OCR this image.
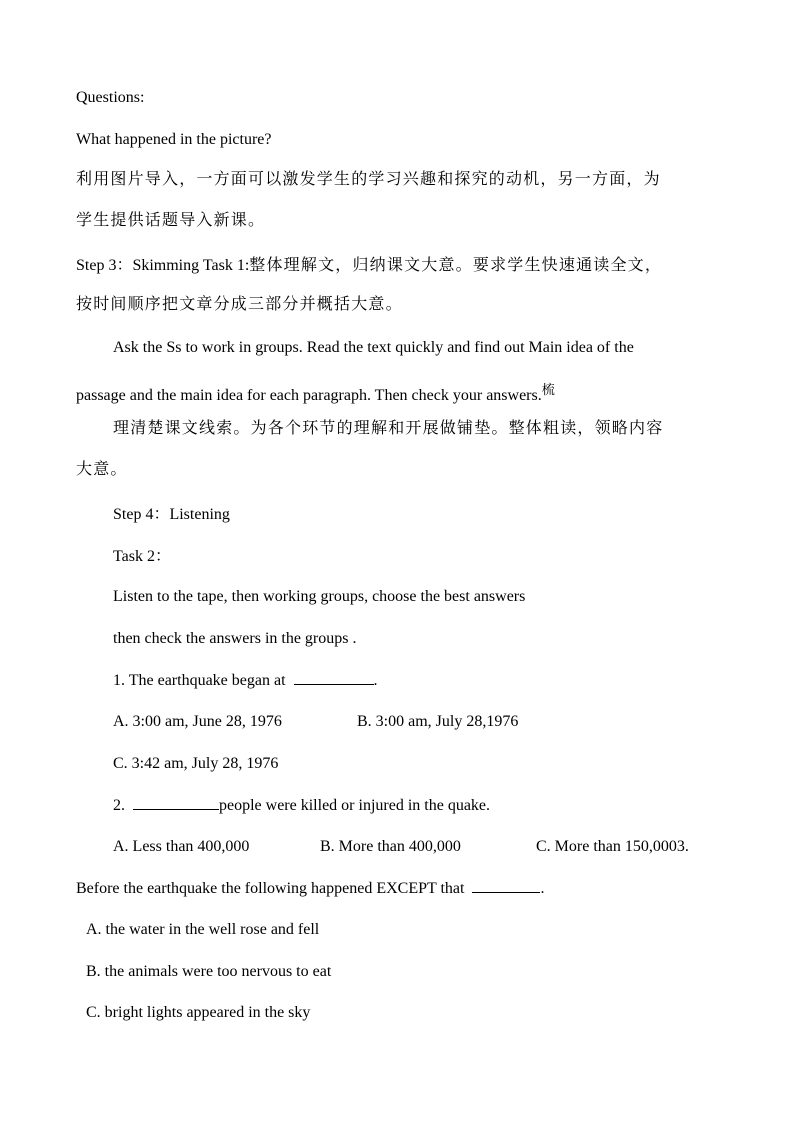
Questions:
What happened in the picture?
利用图片导入，一方面可以激发学生的学习兴趣和探究的动机，另一方面，为
学生提供话题导入新课。
Step 3：Skimming Task 1:整体理解文，归纳课文大意。要求学生快速通读全文，
按时间顺序把文章分成三部分并概括大意。
Ask the Ss to work in groups. Read the text quickly and find out Main idea of the
passage and the main idea for each paragraph. Then check your answers.$^梳$
理清楚课文线索。为各个环节的理解和开展做铺垫。整体粗读，领略内容
大意。
Step 4：Listening
Task 2：
Listen to the tape, then working groups, choose the best answers
then check the answers in the groups .
1. The earthquake began at	.
A. 3:00 am, June 28, 1976	B. 3:00 am, July 28,1976
C. 3:42 am, July 28, 1976
2.	people were killed or injured in the quake.
A. Less than 400,000	B. More than 400,000	C. More than 150,0003.
Before the earthquake the following happened EXCEPT that	.
A. the water in the well rose and fell
B. the animals were too nervous to eat
C. bright lights appeared in the sky
